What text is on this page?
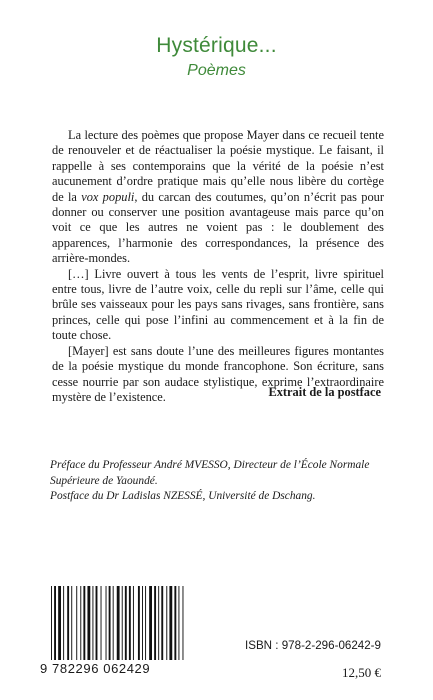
Hystérique...
Poèmes

La lecture des poèmes que propose Mayer dans ce recueil tente de renouveler et de réactualiser la poésie mystique. Le faisant, il rappelle à ses contemporains que la vérité de la poésie n’est aucunement d’ordre pratique mais qu’elle nous libère du cortège de la vox populi, du carcan des coutumes, qu’on n’écrit pas pour donner ou conserver une position avantageuse mais parce qu’on voit ce que les autres ne voient pas : le doublement des apparences, l’harmonie des correspondances, la présence des arrière-mondes.

[…] Livre ouvert à tous les vents de l’esprit, livre spirituel entre tous, livre de l’autre voix, celle du repli sur l’âme, celle qui brûle ses vaisseaux pour les pays sans rivages, sans frontière, sans princes, celle qui pose l’infini au commencement et à la fin de toute chose.

[Mayer] est sans doute l’une des meilleures figures montantes de la poésie mystique du monde francophone. Son écriture, sans cesse nourrie par son audace stylistique, exprime l’extraordinaire mystère de l’existence.	Extrait de la postface

Préface du Professeur André MVESSO, Directeur de l’École Normale Supérieure de Yaoundé.

Postface du Dr Ladislas NZESSÉ, Université de Dschang.

9 782296 062429
ISBN : 978-2-296-06242-9
12,50 €
